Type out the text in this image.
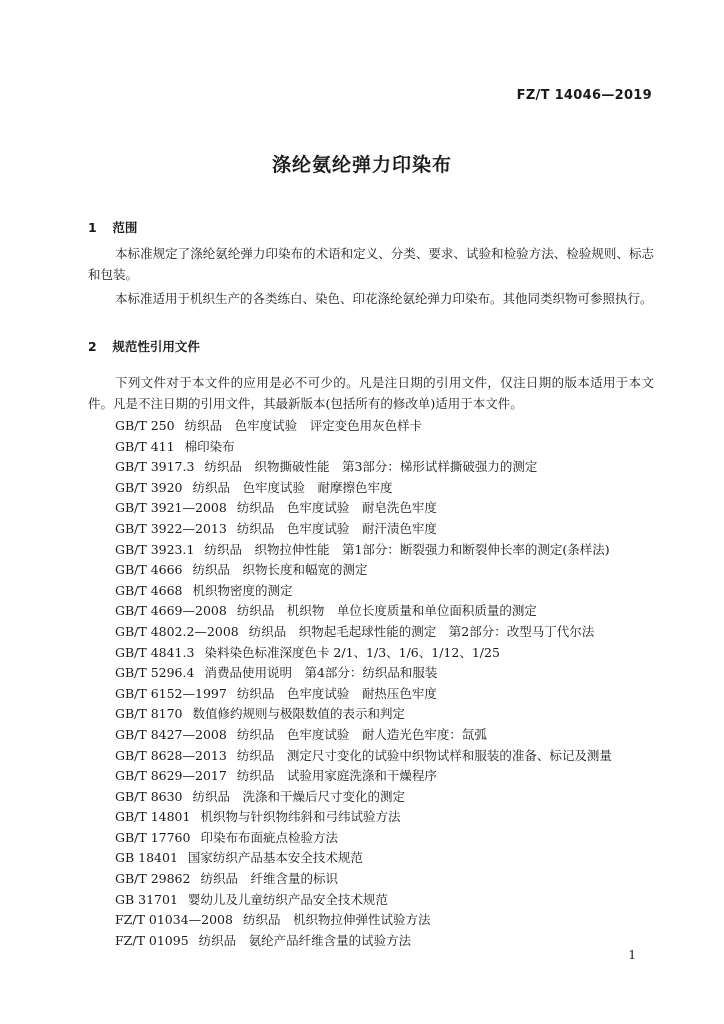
FZ/T 14046—2019
涤纶氨纶弹力印染布
1 范围

本标准规定了涤纶氨纶弹力印染布的术语和定义、分类、要求、试验和检验方法、检验规则、标志和包装。

本标准适用于机织生产的各类练白、染色、印花涤纶氨纶弹力印染布。其他同类织物可参照执行。

2 规范性引用文件

下列文件对于本文件的应用是必不可少的。凡是注日期的引用文件，仅注日期的版本适用于本文件。凡是不注日期的引用文件，其最新版本(包括所有的修改单)适用于本文件。

GB/T 250 纺织品　色牢度试验　评定变色用灰色样卡
GB/T 411 棉印染布
GB/T 3917.3 纺织品　织物撕破性能　第3部分：梯形试样撕破强力的测定
GB/T 3920 纺织品　色牢度试验　耐摩擦色牢度
GB/T 3921—2008 纺织品　色牢度试验　耐皂洗色牢度
GB/T 3922—2013 纺织品　色牢度试验　耐汗渍色牢度
GB/T 3923.1 纺织品　织物拉伸性能　第1部分：断裂强力和断裂伸长率的测定(条样法)
GB/T 4666 纺织品　织物长度和幅宽的测定
GB/T 4668 机织物密度的测定
GB/T 4669—2008 纺织品　机织物　单位长度质量和单位面积质量的测定
GB/T 4802.2—2008 纺织品　织物起毛起球性能的测定　第2部分：改型马丁代尔法
GB/T 4841.3 染料染色标准深度色卡 2/1、1/3、1/6、1/12、1/25
GB/T 5296.4 消费品使用说明　第4部分：纺织品和服装
GB/T 6152—1997 纺织品　色牢度试验　耐热压色牢度
GB/T 8170 数值修约规则与极限数值的表示和判定
GB/T 8427—2008 纺织品　色牢度试验　耐人造光色牢度：氙弧
GB/T 8628—2013 纺织品　测定尺寸变化的试验中织物试样和服装的准备、标记及测量
GB/T 8629—2017 纺织品　试验用家庭洗涤和干燥程序
GB/T 8630 纺织品　洗涤和干燥后尺寸变化的测定
GB/T 14801 机织物与针织物纬斜和弓纬试验方法
GB/T 17760 印染布布面疵点检验方法
GB 18401 国家纺织产品基本安全技术规范
GB/T 29862 纺织品　纤维含量的标识
GB 31701 婴幼儿及儿童纺织产品安全技术规范
FZ/T 01034—2008 纺织品　机织物拉伸弹性试验方法
FZ/T 01095 纺织品　氨纶产品纤维含量的试验方法
1
